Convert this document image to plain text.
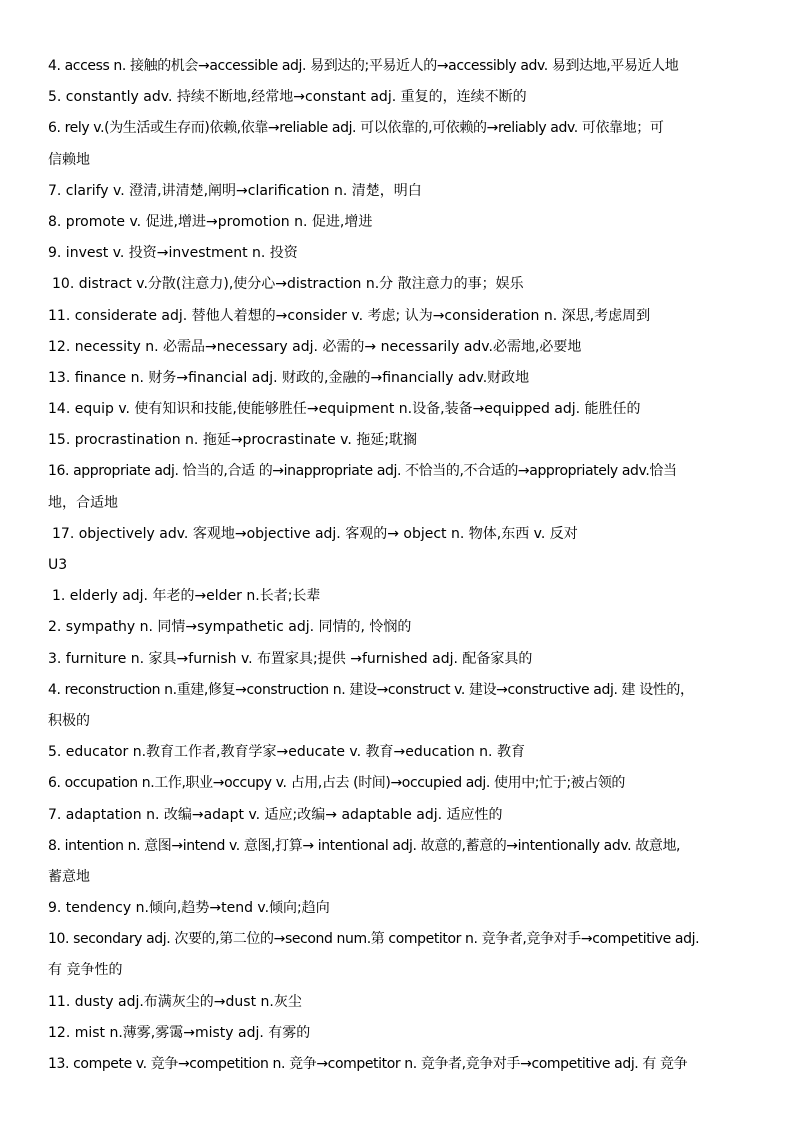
4. access n. 接触的机会→accessible adj. 易到达的;平易近人的→accessibly adv. 易到达地,平易近人地
5. constantly adv. 持续不断地,经常地→constant adj. 重复的，连续不断的
6. rely v.(为生活或生存而)依赖,依靠→reliable adj. 可以依靠的,可依赖的→reliably adv. 可依靠地；可
信赖地
7. clarify v. 澄清,讲清楚,阐明→clarification n. 清楚，明白
8. promote v. 促进,增进→promotion n. 促进,增进
9. invest v. 投资→investment n. 投资
10. distract v.分散(注意力),使分心→distraction n.分 散注意力的事；娱乐
11. considerate adj. 替他人着想的→consider v. 考虑; 认为→consideration n. 深思,考虑周到
12. necessity n. 必需品→necessary adj. 必需的→ necessarily adv.必需地,必要地
13. finance n. 财务→financial adj. 财政的,金融的→financially adv.财政地
14. equip v. 使有知识和技能,使能够胜任→equipment n.设备,装备→equipped adj. 能胜任的
15. procrastination n. 拖延→procrastinate v. 拖延;耽搁
16. appropriate adj. 恰当的,合适 的→inappropriate adj. 不恰当的,不合适的→appropriately adv.恰当
地，合适地
17. objectively adv. 客观地→objective adj. 客观的→ object n. 物体,东西 v. 反对
U3
1. elderly adj. 年老的→elder n.长者;长辈
2. sympathy n. 同情→sympathetic adj. 同情的, 怜悯的
3. furniture n. 家具→furnish v. 布置家具;提供 →furnished adj. 配备家具的
4. reconstruction n.重建,修复→construction n. 建设→construct v. 建设→constructive adj. 建 设性的，
积极的
5. educator n.教育工作者,教育学家→educate v. 教育→education n. 教育
6. occupation n.工作,职业→occupy v. 占用,占去 (时间)→occupied adj. 使用中;忙于;被占领的
7. adaptation n. 改编→adapt v. 适应;改编→ adaptable adj. 适应性的
8. intention n. 意图→intend v. 意图,打算→ intentional adj. 故意的,蓄意的→intentionally adv. 故意地,
蓄意地
9. tendency n.倾向,趋势→tend v.倾向;趋向
10. secondary adj. 次要的,第二位的→second num.第 competitor n. 竞争者,竞争对手→competitive adj.
有 竞争性的
11. dusty adj.布满灰尘的→dust n.灰尘
12. mist n.薄雾,雾霭→misty adj. 有雾的
13. compete v. 竞争→competition n. 竞争→competitor n. 竞争者,竞争对手→competitive adj. 有 竞争
